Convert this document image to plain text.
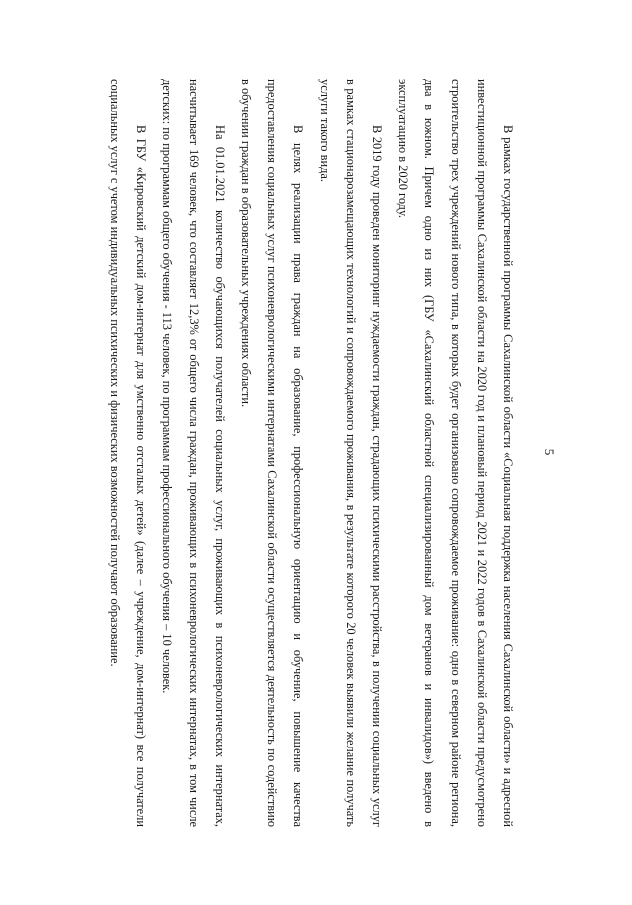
5

В рамках государственной программы Сахалинской области «Социальная поддержка населения Сахалинской области» и адресной инвестиционной программы Сахалинской области на 2020 год и плановый период 2021 и 2022 годов в Сахалинской области предусмотрено строительство трех учреждений нового типа, в которых будет организовано сопровождаемое проживание: одно в северном районе региона, два в южном. Причем одно из них (ГБУ «Сахалинский областной специализированный дом ветеранов и инвалидов») введено в эксплуатацию в 2020 году.

В 2019 году проведен мониторинг нуждаемости граждан, страдающих психическими расстройства, в получении социальных услуг в рамках стационарозамещающих технологий и сопровождаемого проживания, в результате которого 20 человек выявили желание получать услуги такого вида.

В целях реализации права граждан на образование, профессиональную ориентацию и обучение, повышение качества предоставления социальных услуг психоневрологическими интернатами Сахалинской области осуществляется деятельность по содействию в обучении граждан в образовательных учреждениях области.

На 01.01.2021 количество обучающихся получателей социальных услуг, проживающих в психоневрологических интернатах, насчитывает 169 человек, что составляет 12,3% от общего числа граждан, проживающих в психоневрологических интернатах, в том числе детских: по программам общего обучения - 113 человек, по программам профессионального обучения – 10 человек.

В ГБУ «Кировский детский дом-интернат для умственно отсталых детей» (далее – учреждение, дом-интернат) все получатели социальных услуг с учетом индивидуальных психических и физических возможностей получают образование.
